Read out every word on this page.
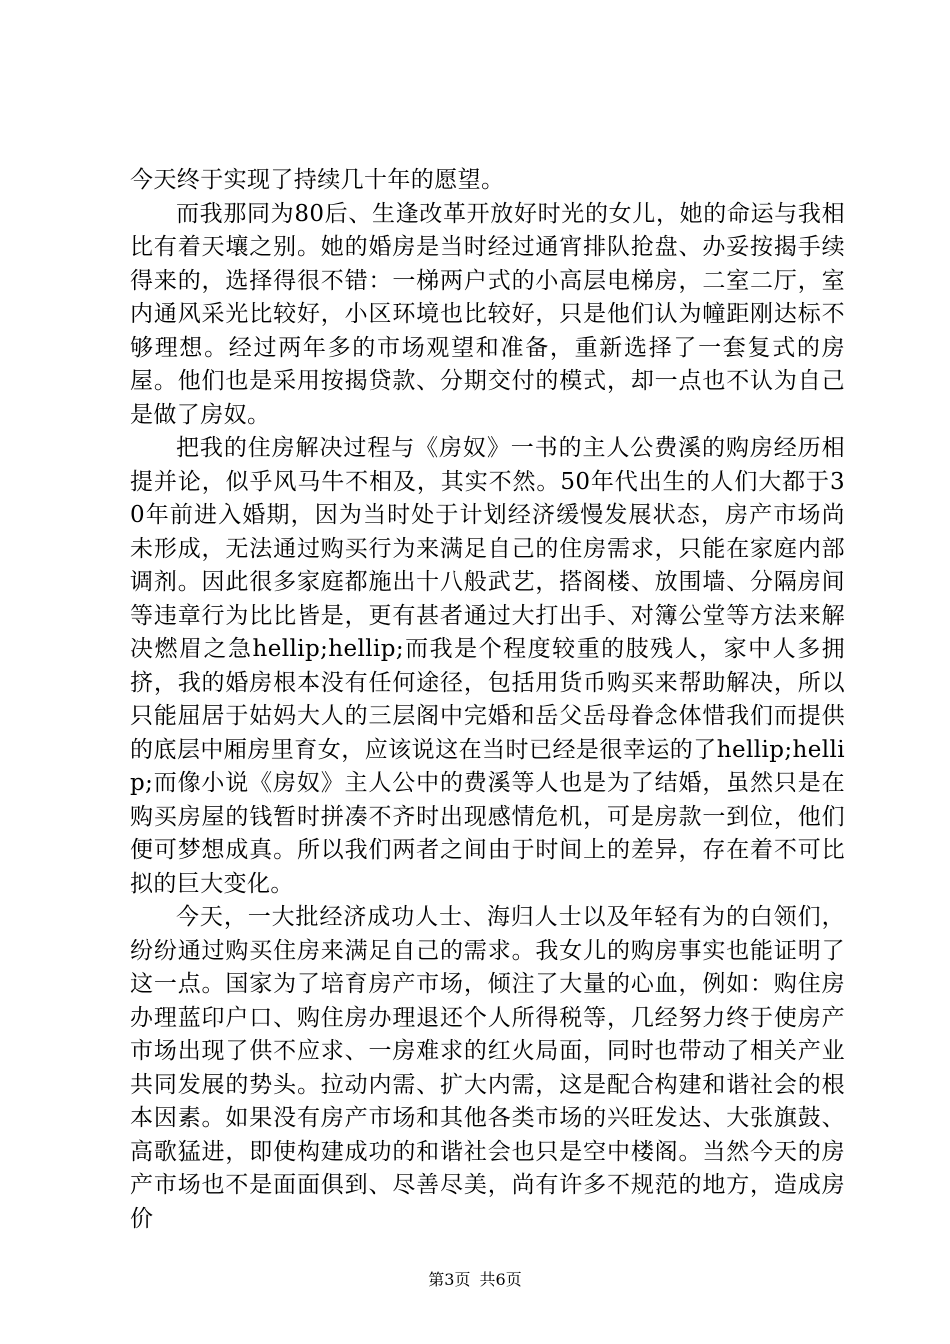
今天终于实现了持续几十年的愿望。

而我那同为80后、生逢改革开放好时光的女儿，她的命运与我相比有着天壤之别。她的婚房是当时经过通宵排队抢盘、办妥按揭手续得来的，选择得很不错：一梯两户式的小高层电梯房，二室二厅，室内通风采光比较好，小区环境也比较好，只是他们认为幢距刚达标不够理想。经过两年多的市场观望和准备，重新选择了一套复式的房屋。他们也是采用按揭贷款、分期交付的模式，却一点也不认为自己是做了房奴。

把我的住房解决过程与《房奴》一书的主人公费溪的购房经历相提并论，似乎风马牛不相及，其实不然。50年代出生的人们大都于30年前进入婚期，因为当时处于计划经济缓慢发展状态，房产市场尚未形成，无法通过购买行为来满足自己的住房需求，只能在家庭内部调剂。因此很多家庭都施出十八般武艺，搭阁楼、放围墙、分隔房间等违章行为比比皆是，更有甚者通过大打出手、对簿公堂等方法来解决燃眉之急hellip;hellip;而我是个程度较重的肢残人，家中人多拥挤，我的婚房根本没有任何途径，包括用货币购买来帮助解决，所以只能屈居于姑妈大人的三层阁中完婚和岳父岳母眷念体惜我们而提供的底层中厢房里育女，应该说这在当时已经是很幸运的了hellip;hellip;而像小说《房奴》主人公中的费溪等人也是为了结婚，虽然只是在购买房屋的钱暂时拼凑不齐时出现感情危机，可是房款一到位，他们便可梦想成真。所以我们两者之间由于时间上的差异，存在着不可比拟的巨大变化。

今天，一大批经济成功人士、海归人士以及年轻有为的白领们，纷纷通过购买住房来满足自己的需求。我女儿的购房事实也能证明了这一点。国家为了培育房产市场，倾注了大量的心血，例如：购住房办理蓝印户口、购住房办理退还个人所得税等，几经努力终于使房产市场出现了供不应求、一房难求的红火局面，同时也带动了相关产业共同发展的势头。拉动内需、扩大内需，这是配合构建和谐社会的根本因素。如果没有房产市场和其他各类市场的兴旺发达、大张旗鼓、高歌猛进，即使构建成功的和谐社会也只是空中楼阁。当然今天的房产市场也不是面面俱到、尽善尽美，尚有许多不规范的地方，造成房价

第3页 共6页
